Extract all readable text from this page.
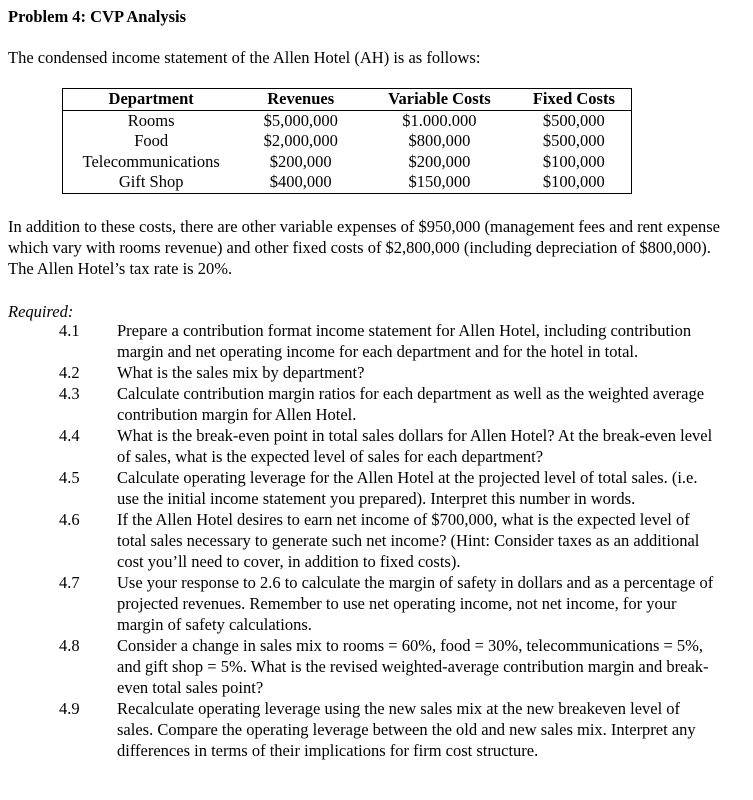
Problem 4: CVP Analysis
The condensed income statement of the Allen Hotel (AH) is as follows:
Department	Revenues	Variable Costs	Fixed Costs
Rooms	$5,000,000	$1.000.000	$500,000
Food	$2,000,000	$800,000	$500,000
Telecommunications	$200,000	$200,000	$100,000
Gift Shop	$400,000	$150,000	$100,000
In addition to these costs, there are other variable expenses of $950,000 (management fees and rent expense which vary with rooms revenue) and other fixed costs of $2,800,000 (including depreciation of $800,000). The Allen Hotel’s tax rate is 20%.
Required:
4.1 Prepare a contribution format income statement for Allen Hotel, including contribution margin and net operating income for each department and for the hotel in total.
4.2 What is the sales mix by department?
4.3 Calculate contribution margin ratios for each department as well as the weighted average contribution margin for Allen Hotel.
4.4 What is the break-even point in total sales dollars for Allen Hotel? At the break-even level of sales, what is the expected level of sales for each department?
4.5 Calculate operating leverage for the Allen Hotel at the projected level of total sales. (i.e. use the initial income statement you prepared). Interpret this number in words.
4.6 If the Allen Hotel desires to earn net income of $700,000, what is the expected level of total sales necessary to generate such net income? (Hint: Consider taxes as an additional cost you’ll need to cover, in addition to fixed costs).
4.7 Use your response to 2.6 to calculate the margin of safety in dollars and as a percentage of projected revenues. Remember to use net operating income, not net income, for your margin of safety calculations.
4.8 Consider a change in sales mix to rooms = 60%, food = 30%, telecommunications = 5%, and gift shop = 5%. What is the revised weighted-average contribution margin and break-even total sales point?
4.9 Recalculate operating leverage using the new sales mix at the new breakeven level of sales. Compare the operating leverage between the old and new sales mix. Interpret any differences in terms of their implications for firm cost structure.
